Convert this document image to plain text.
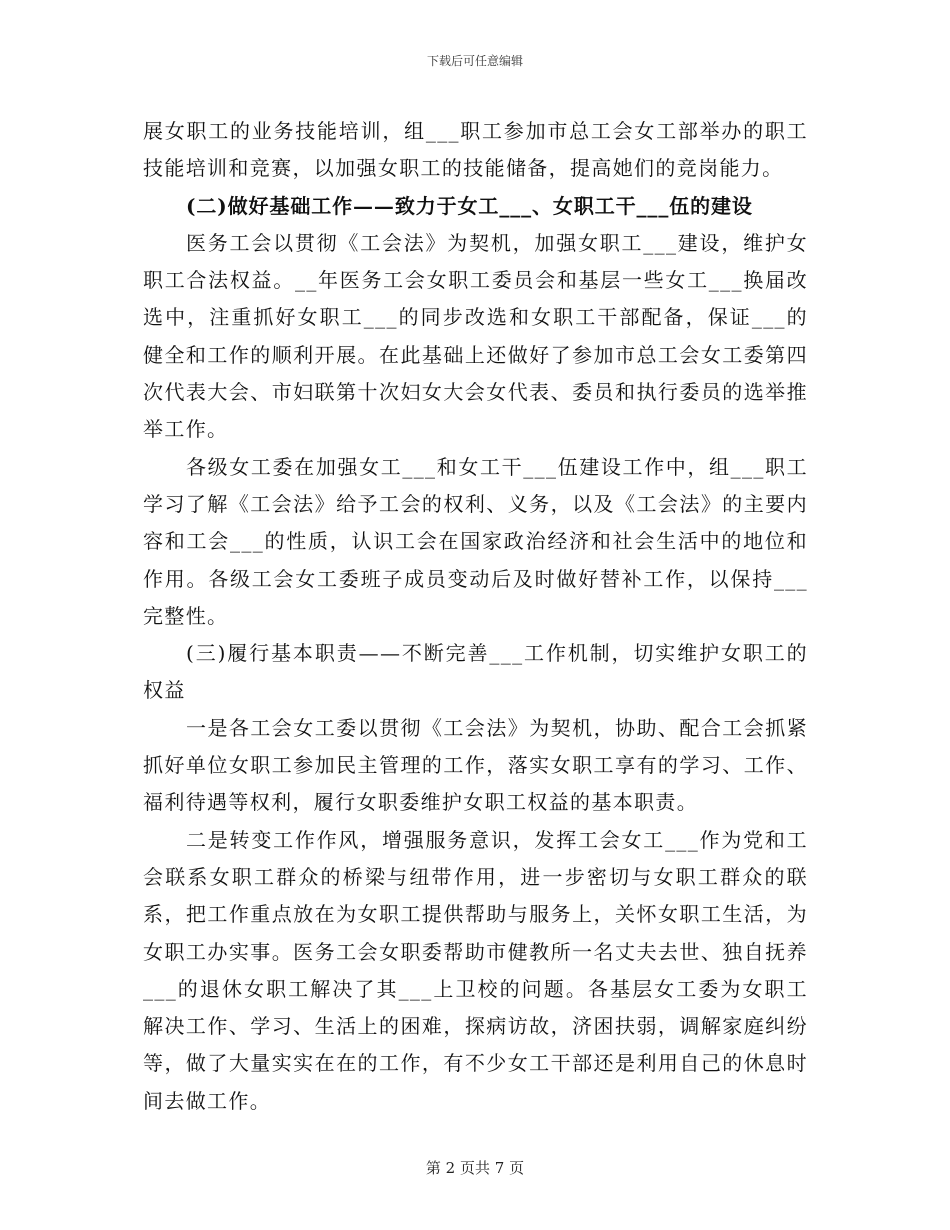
下载后可任意编辑

展女职工的业务技能培训，组___职工参加市总工会女工部举办的职工技能培训和竞赛，以加强女职工的技能储备，提高她们的竞岗能力。

(二)做好基础工作——致力于女工___、女职工干___伍的建设

医务工会以贯彻《工会法》为契机，加强女职工___建设，维护女职工合法权益。__年医务工会女职工委员会和基层一些女工___换届改选中，注重抓好女职工___的同步改选和女职工干部配备，保证___的健全和工作的顺利开展。在此基础上还做好了参加市总工会女工委第四次代表大会、市妇联第十次妇女大会女代表、委员和执行委员的选举推举工作。

各级女工委在加强女工___和女工干___伍建设工作中，组___职工学习了解《工会法》给予工会的权利、义务，以及《工会法》的主要内容和工会___的性质，认识工会在国家政治经济和社会生活中的地位和作用。各级工会女工委班子成员变动后及时做好替补工作，以保持___完整性。

(三)履行基本职责——不断完善___工作机制，切实维护女职工的权益

一是各工会女工委以贯彻《工会法》为契机，协助、配合工会抓紧抓好单位女职工参加民主管理的工作，落实女职工享有的学习、工作、福利待遇等权利，履行女职委维护女职工权益的基本职责。

二是转变工作作风，增强服务意识，发挥工会女工___作为党和工会联系女职工群众的桥梁与纽带作用，进一步密切与女职工群众的联系，把工作重点放在为女职工提供帮助与服务上，关怀女职工生活，为女职工办实事。医务工会女职委帮助市健教所一名丈夫去世、独自抚养___的退休女职工解决了其___上卫校的问题。各基层女工委为女职工解决工作、学习、生活上的困难，探病访故，济困扶弱，调解家庭纠纷等，做了大量实实在在的工作，有不少女工干部还是利用自己的休息时间去做工作。

第 2 页共 7 页
